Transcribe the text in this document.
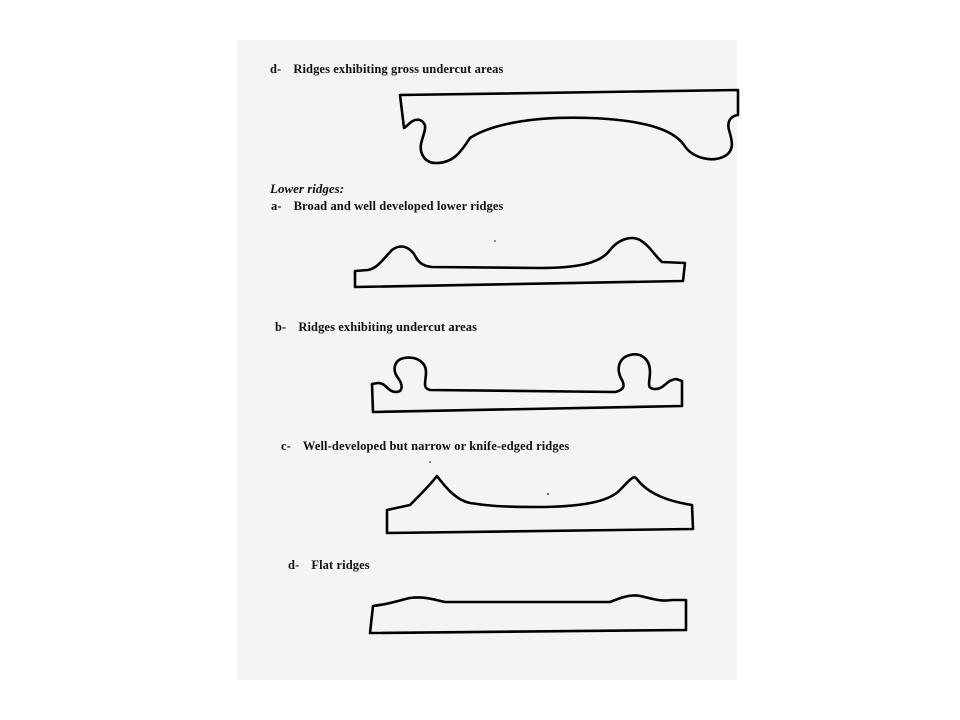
d- Ridges exhibiting gross undercut areas
Lower ridges:
a- Broad and well developed lower ridges
b- Ridges exhibiting undercut areas
c- Well-developed but narrow or knife-edged ridges
d- Flat ridges
